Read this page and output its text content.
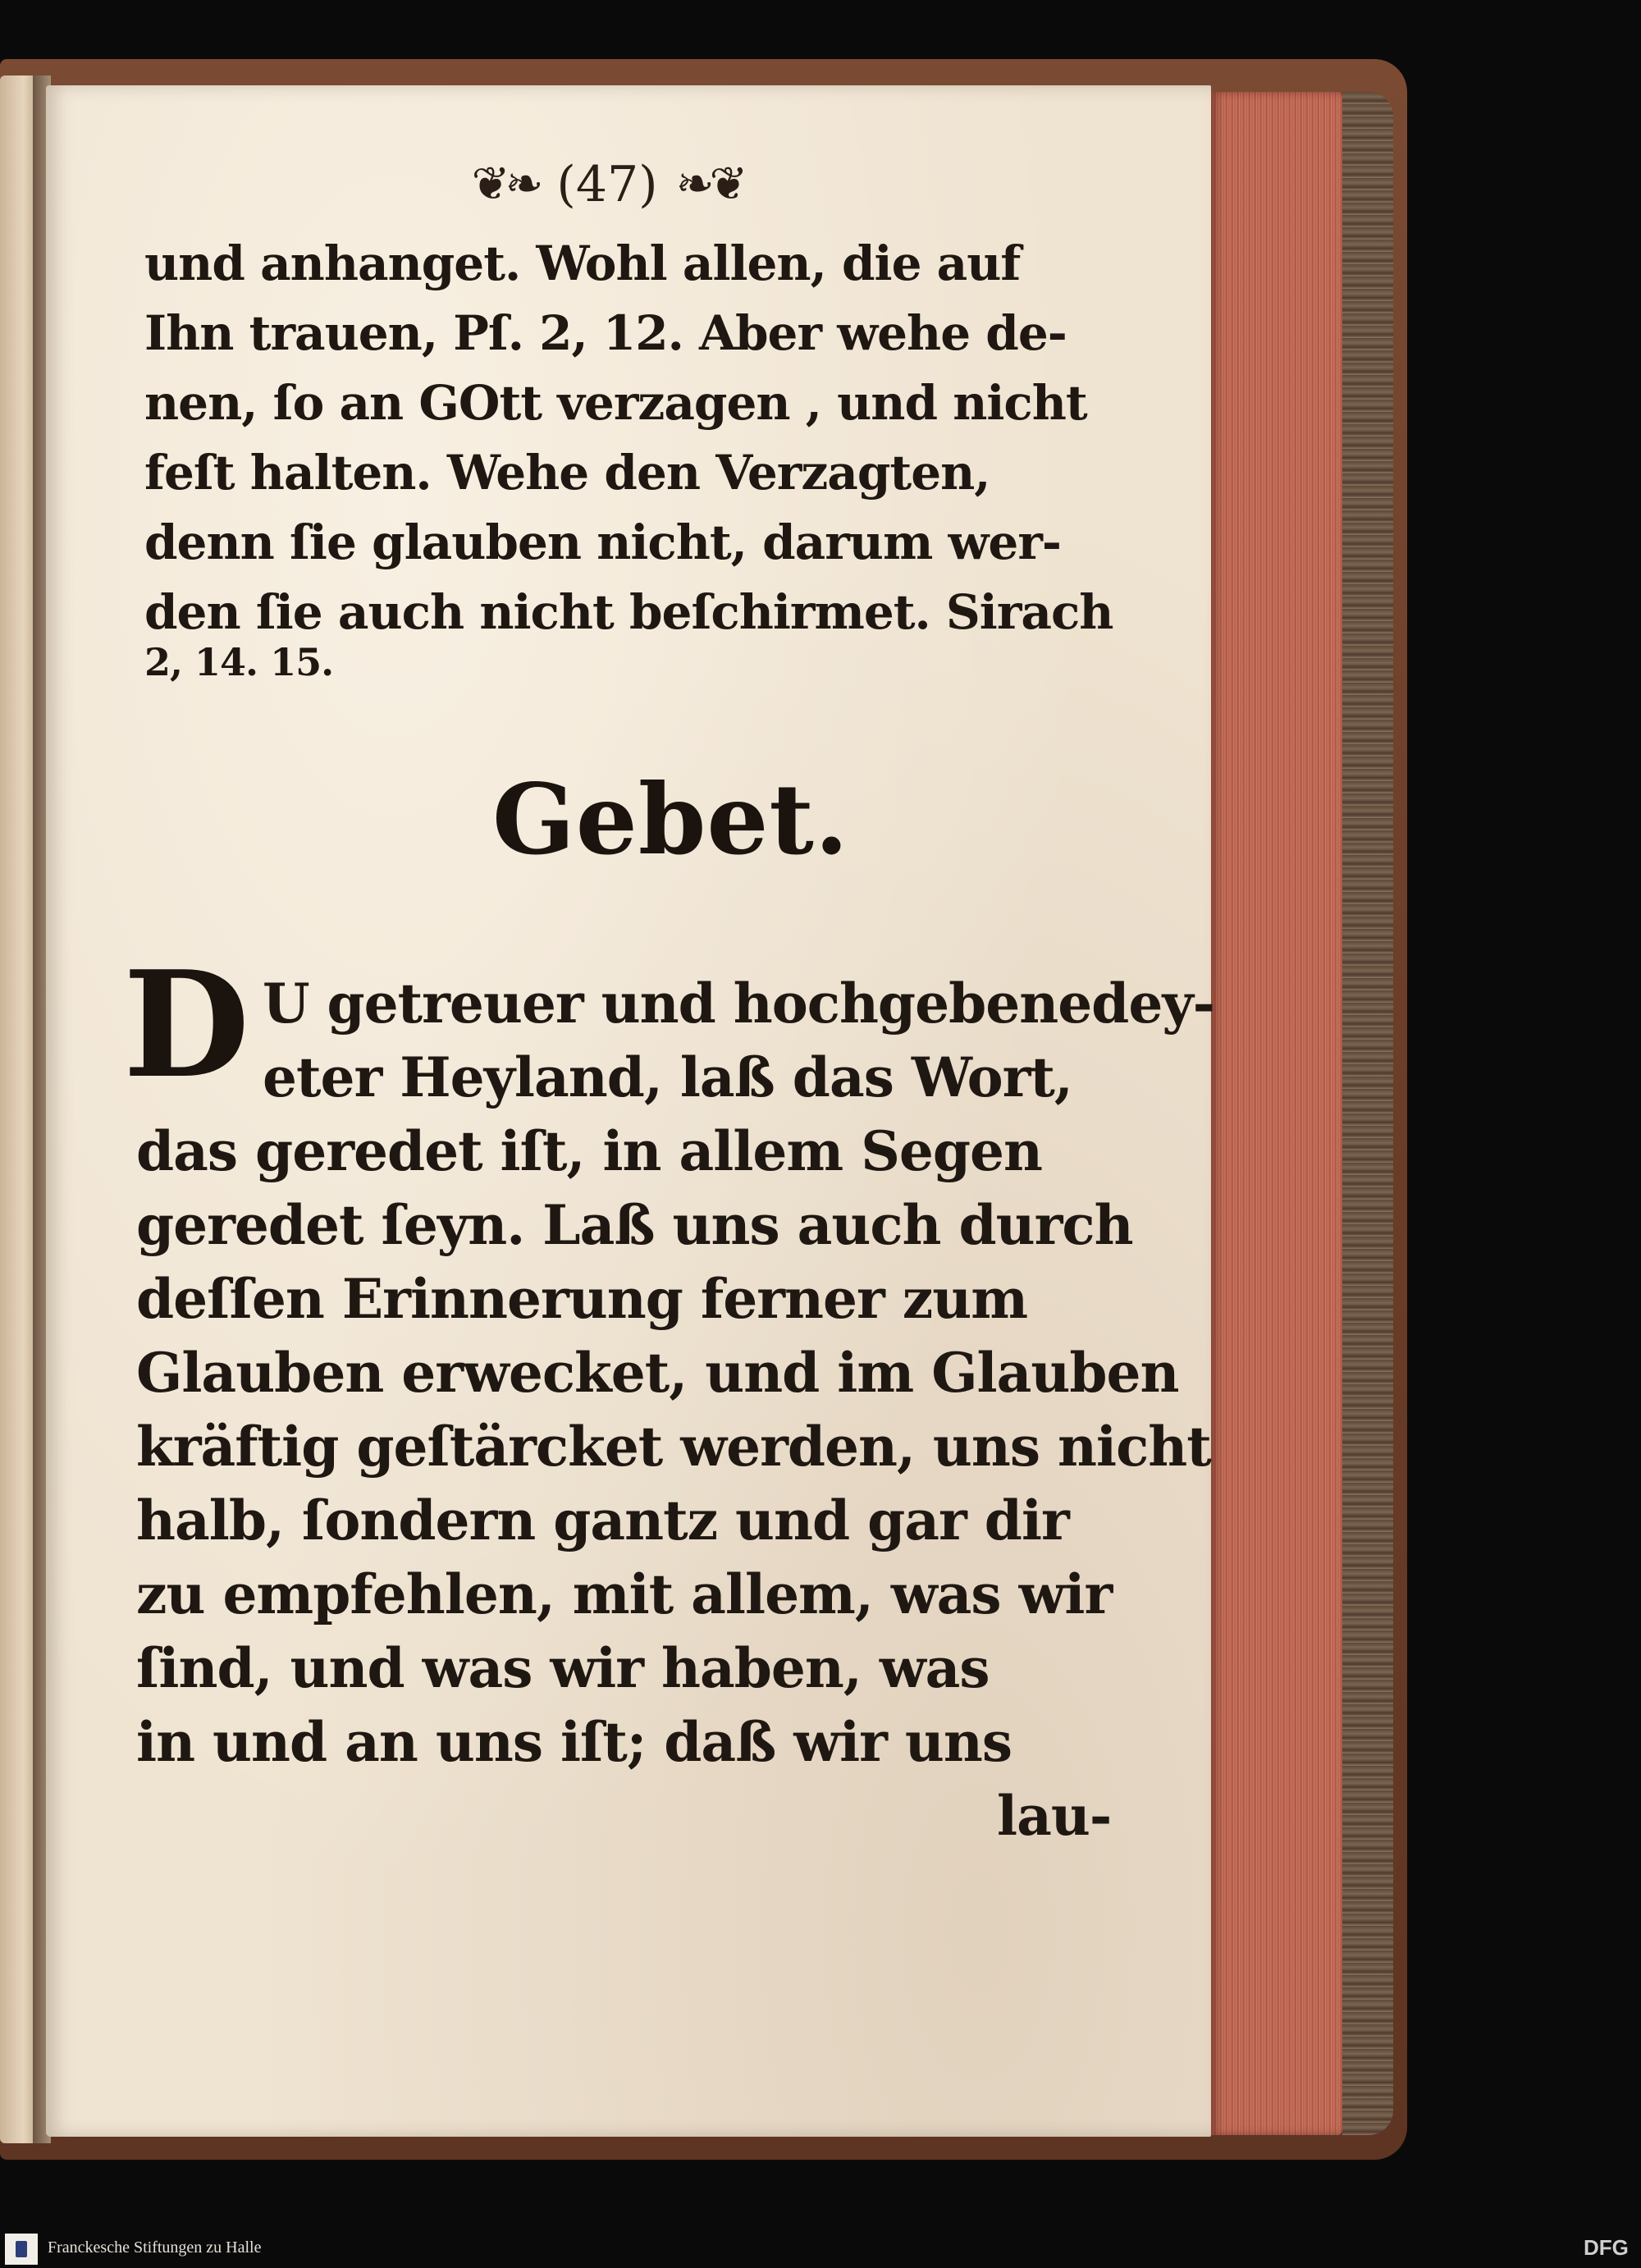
❦❧ (47) ❧❦
und anhanget. Wohl allen, die auf
Ihn trauen, Pſ. 2, 12. Aber wehe de-
nen, ſo an GOtt verzagen , und nicht
feſt halten. Wehe den Verzagten,
denn ſie glauben nicht, darum wer-
den ſie auch nicht beſchirmet. Sirach
2, 14. 15.
Gebet.
D U getreuer und hochgebenedey-
eter Heyland, laß das Wort,
das geredet iſt, in allem Segen
geredet ſeyn. Laß uns auch durch
deſſen Erinnerung ferner zum
Glauben erwecket, und im Glauben
kräftig geſtärcket werden, uns nicht
halb, ſondern gantz und gar dir
zu empfehlen, mit allem, was wir
ſind, und was wir haben, was
in und an uns iſt; daß wir uns
lau-
Franckesche Stiftungen zu Halle	DFG
